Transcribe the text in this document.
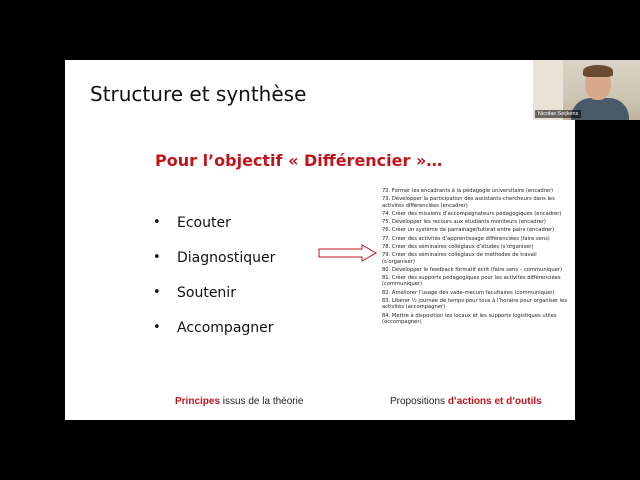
Structure et synthèse
Pour l’objectif « Différencier »…
•	Ecouter
•	Diagnostiquer
•	Soutenir
•	Accompagner
72. Former les encadrants à la pédagogie universitaire (encadrer)
73. Développer la participation des assistants-chercheurs dans les activités différenciées (encadrer)
74. Créer des missions d’accompagnateurs pédagogiques (encadrer)
75. Développer les recours aux étudiants moniteurs (encadrer)
76. Créer un système de parrainage/tutorat entre pairs (encadrer)
77. Créer des activités d’apprentissage différenciées (faire sens)
78. Créer des séminaires collégiaux d’études (s’organiser)
79. Créer des séminaires collégiaux de méthodes de travail (s’organiser)
80. Développer le feedback formatif écrit (faire sens – communiquer)
81. Créer des supports pédagogiques pour les activités différenciées (communiquer)
82. Améliorer l’usage des vade-mecum facultaires (communiquer)
83. Libérer ½ journée de temps pour tous à l’horaire pour organiser les activités (accompagner)
84. Mettre à disposition les locaux et les supports logistiques utiles (accompagner)
Principes issus de la théorie	Propositions d’actions et d’outils
Nicolas Seijkens
